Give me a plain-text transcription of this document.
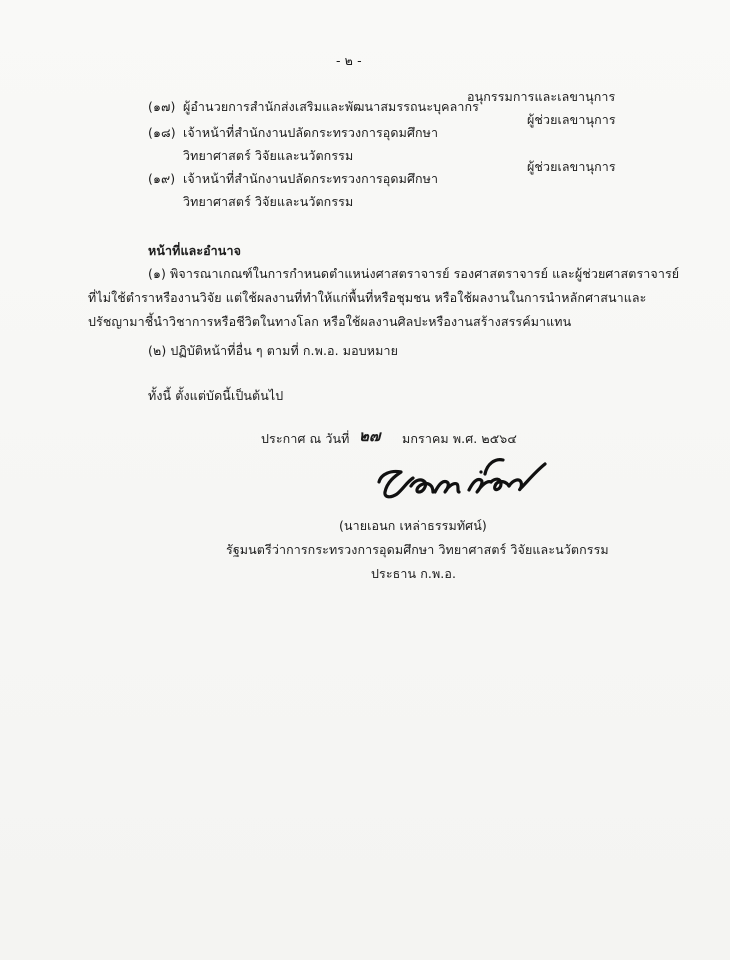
- ๒ -
(๑๗) ผู้อำนวยการสำนักส่งเสริมและพัฒนาสมรรถนะบุคลากร
อนุกรรมการและเลขานุการ
(๑๘) เจ้าหน้าที่สำนักงานปลัดกระทรวงการอุดมศึกษา
วิทยาศาสตร์ วิจัยและนวัตกรรม
ผู้ช่วยเลขานุการ
(๑๙) เจ้าหน้าที่สำนักงานปลัดกระทรวงการอุดมศึกษา
วิทยาศาสตร์ วิจัยและนวัตกรรม
ผู้ช่วยเลขานุการ
หน้าที่และอำนาจ
(๑) พิจารณาเกณฑ์ในการกำหนดตำแหน่งศาสตราจารย์ รองศาสตราจารย์ และผู้ช่วยศาสตราจารย์
ที่ไม่ใช้ตำราหรืองานวิจัย แต่ใช้ผลงานที่ทำให้แก่พื้นที่หรือชุมชน หรือใช้ผลงานในการนำหลักศาสนาและ
ปรัชญามาชี้นำวิชาการหรือชีวิตในทางโลก หรือใช้ผลงานศิลปะหรืองานสร้างสรรค์มาแทน
(๒) ปฏิบัติหน้าที่อื่น ๆ ตามที่ ก.พ.อ. มอบหมาย
ทั้งนี้ ตั้งแต่บัดนี้เป็นต้นไป
ประกาศ ณ วันที่ ๒๗ มกราคม พ.ศ. ๒๕๖๔
(นายเอนก เหล่าธรรมทัศน์)
รัฐมนตรีว่าการกระทรวงการอุดมศึกษา วิทยาศาสตร์ วิจัยและนวัตกรรม
ประธาน ก.พ.อ.
